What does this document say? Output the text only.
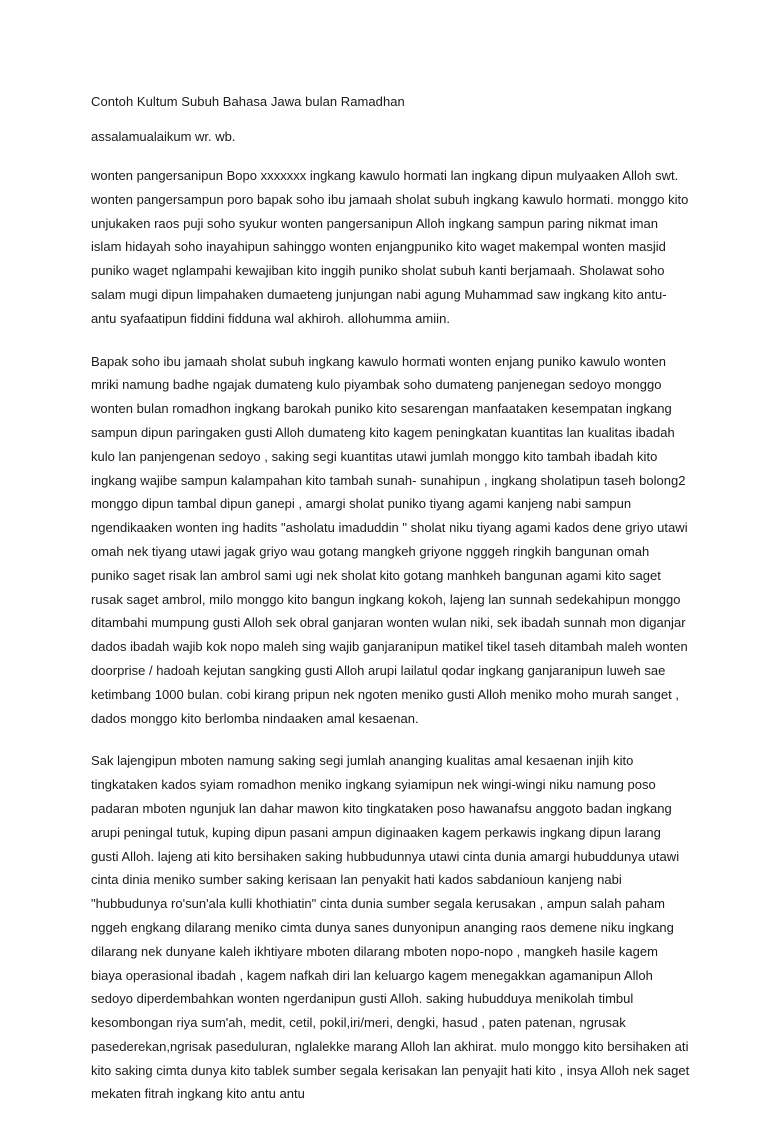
Contoh Kultum Subuh Bahasa Jawa bulan Ramadhan

assalamualaikum wr. wb.

wonten pangersanipun Bopo xxxxxxx ingkang kawulo hormati lan ingkang dipun mulyaaken Alloh swt. wonten pangersampun poro bapak soho ibu jamaah sholat subuh ingkang kawulo hormati. monggo kito unjukaken raos puji soho syukur wonten pangersanipun Alloh ingkang sampun paring nikmat iman islam hidayah soho inayahipun sahinggo wonten enjangpuniko kito waget makempal wonten masjid puniko waget nglampahi kewajiban kito inggih puniko sholat subuh kanti berjamaah. Sholawat soho salam mugi dipun limpahaken dumaeteng junjungan nabi agung Muhammad saw ingkang kito antu-antu syafaatipun fiddini fidduna wal akhiroh. allohumma amiin.

Bapak soho ibu jamaah sholat subuh ingkang kawulo hormati wonten enjang puniko kawulo wonten mriki namung badhe ngajak dumateng kulo piyambak soho dumateng panjenegan sedoyo monggo wonten bulan romadhon ingkang barokah puniko kito sesarengan manfaataken kesempatan ingkang sampun dipun paringaken gusti Alloh dumateng kito kagem peningkatan kuantitas lan kualitas ibadah kulo lan panjengenan sedoyo , saking segi kuantitas utawi jumlah monggo kito tambah ibadah kito ingkang wajibe sampun kalampahan kito tambah sunah- sunahipun , ingkang sholatipun taseh bolong2 monggo dipun tambal dipun ganepi , amargi sholat puniko tiyang agami kanjeng nabi sampun ngendikaaken wonten ing hadits "asholatu imaduddin " sholat niku tiyang agami kados dene griyo utawi omah nek tiyang utawi jagak griyo wau gotang mangkeh griyone ngggeh ringkih bangunan omah puniko saget risak lan ambrol sami ugi nek sholat kito gotang manhkeh bangunan agami kito saget rusak saget ambrol, milo monggo kito bangun ingkang kokoh, lajeng lan sunnah sedekahipun monggo ditambahi mumpung gusti Alloh sek obral ganjaran wonten wulan niki, sek ibadah sunnah mon diganjar dados ibadah wajib kok nopo maleh sing wajib ganjaranipun matikel tikel taseh ditambah maleh wonten doorprise / hadoah kejutan sangking gusti Alloh arupi lailatul qodar ingkang ganjaranipun luweh sae ketimbang 1000 bulan. cobi kirang pripun nek ngoten meniko gusti Alloh meniko moho murah sanget , dados monggo kito berlomba nindaaken amal kesaenan.

Sak lajengipun mboten namung saking segi jumlah ananging kualitas amal kesaenan injih kito tingkataken kados syiam romadhon meniko ingkang syiamipun nek wingi-wingi niku namung poso padaran mboten ngunjuk lan dahar mawon kito tingkataken poso hawanafsu anggoto badan ingkang arupi peningal tutuk, kuping dipun pasani ampun diginaaken kagem perkawis ingkang dipun larang gusti Alloh. lajeng ati kito bersihaken saking hubbudunnya utawi cinta dunia amargi hubuddunya utawi cinta dinia meniko sumber saking kerisaan lan penyakit hati kados sabdanioun kanjeng nabi "hubbudunya ro'sun'ala kulli khothiatin" cinta dunia sumber segala kerusakan , ampun salah paham nggeh engkang dilarang meniko cimta dunya sanes dunyonipun ananging raos demene niku ingkang dilarang nek dunyane kaleh ikhtiyare mboten dilarang mboten nopo-nopo , mangkeh hasile kagem biaya operasional ibadah , kagem nafkah diri lan keluargo kagem menegakkan agamanipun Alloh sedoyo diperdembahkan wonten ngerdanipun gusti Alloh. saking hubudduya menikolah timbul kesombongan riya sum'ah, medit, cetil, pokil,iri/meri, dengki, hasud , paten patenan, ngrusak pasederekan,ngrisak paseduluran, nglalekke marang Alloh lan akhirat. mulo monggo kito bersihaken ati kito saking cimta dunya kito tablek sumber segala kerisakan lan penyajit hati kito , insya Alloh nek saget mekaten fitrah ingkang kito antu antu
